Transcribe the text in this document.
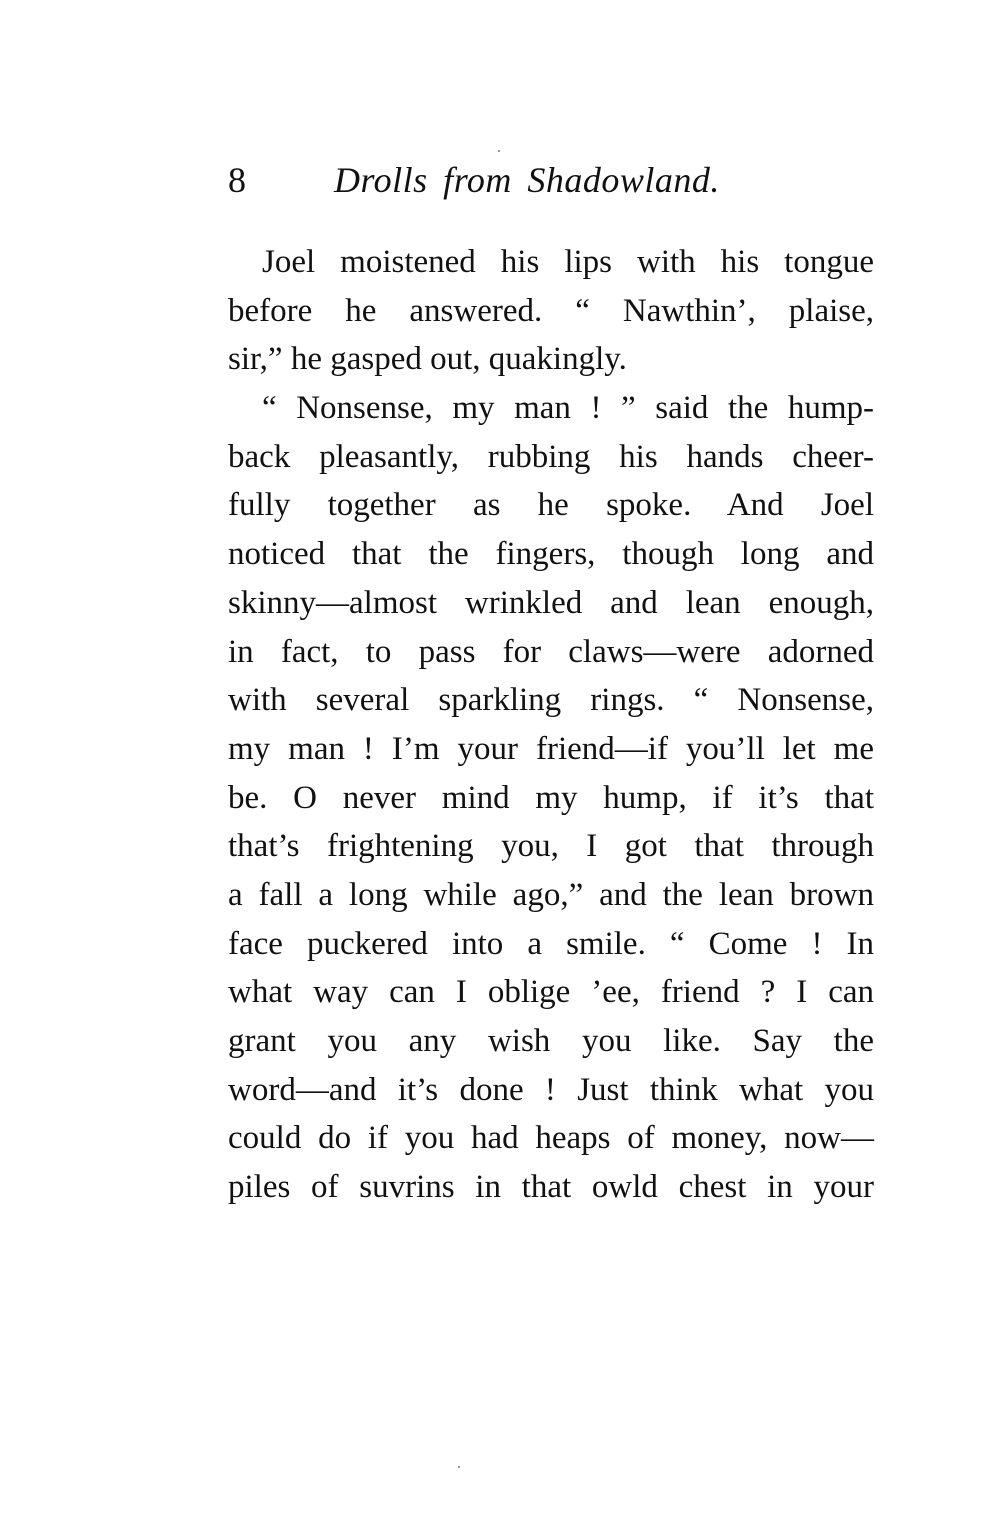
8 Drolls from Shadowland.
Joel moistened his lips with his tongue
before he answered. “ Nawthin’, plaise,
sir,” he gasped out, quakingly.
“ Nonsense, my man ! ” said the hump-
back pleasantly, rubbing his hands cheer-
fully together as he spoke. And Joel
noticed that the fingers, though long and
skinny—almost wrinkled and lean enough,
in fact, to pass for claws—were adorned
with several sparkling rings. “ Nonsense,
my man ! I’m your friend—if you’ll let me
be. O never mind my hump, if it’s that
that’s frightening you, I got that through
a fall a long while ago,” and the lean brown
face puckered into a smile. “ Come ! In
what way can I oblige ’ee, friend ? I can
grant you any wish you like. Say the
word—and it’s done ! Just think what you
could do if you had heaps of money, now—
piles of suvrins in that owld chest in your
